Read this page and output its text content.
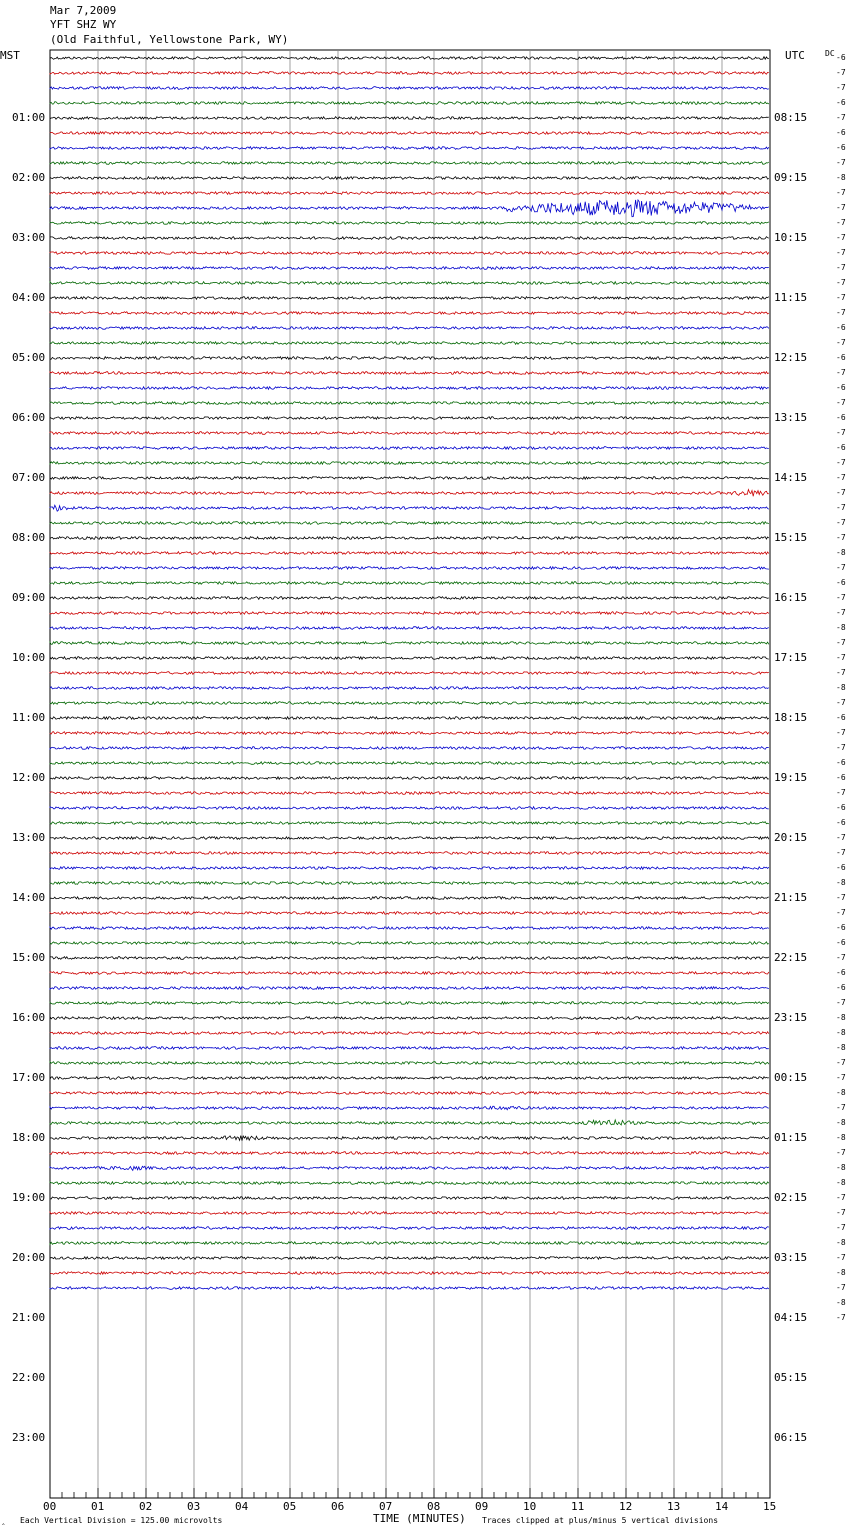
Mar 7,2009
YFT SHZ WY
(Old Faithful, Yellowstone Park, WY)
MST	UTC	DC
01:00
02:00
03:00
04:00
05:00
06:00
07:00
08:00
09:00
10:00
11:00
12:00
13:00
14:00
15:00
16:00
17:00
18:00
19:00
20:00
21:00
22:00
23:00
08:15
09:15
10:15
11:15
12:15
13:15
14:15
15:15
16:15
17:15
18:15
19:15
20:15
21:15
22:15
23:15
00:15
01:15
02:15
03:15
04:15
05:15
06:15
-6
-7
-7
-6
-7
-6
-6
-7
-8
-7
-7
-7
-7
-7
-7
-7
-7
-7
-6
-7
-6
-7
-6
-7
-6
-7
-6
-7
-7
-7
-7
-7
-7
-8
-7
-6
-7
-7
-8
-7
-7
-7
-8
-7
-6
-7
-7
-6
-6
-7
-6
-6
-7
-7
-6
-8
-7
-7
-6
-6
-7
-6
-6
-7
-8
-8
-8
-7
-7
-8
-7
-8
-8
-7
-8
-8
-7
-7
-7
-8
-7
-8
-7
-8
-7
00	01	02	03	04	05	06	07	08	09	10	11	12	13	14	15
‸ Each Vertical Division = 125.00 microvolts	TIME (MINUTES) Traces clipped at plus/minus 5 vertical divisions
